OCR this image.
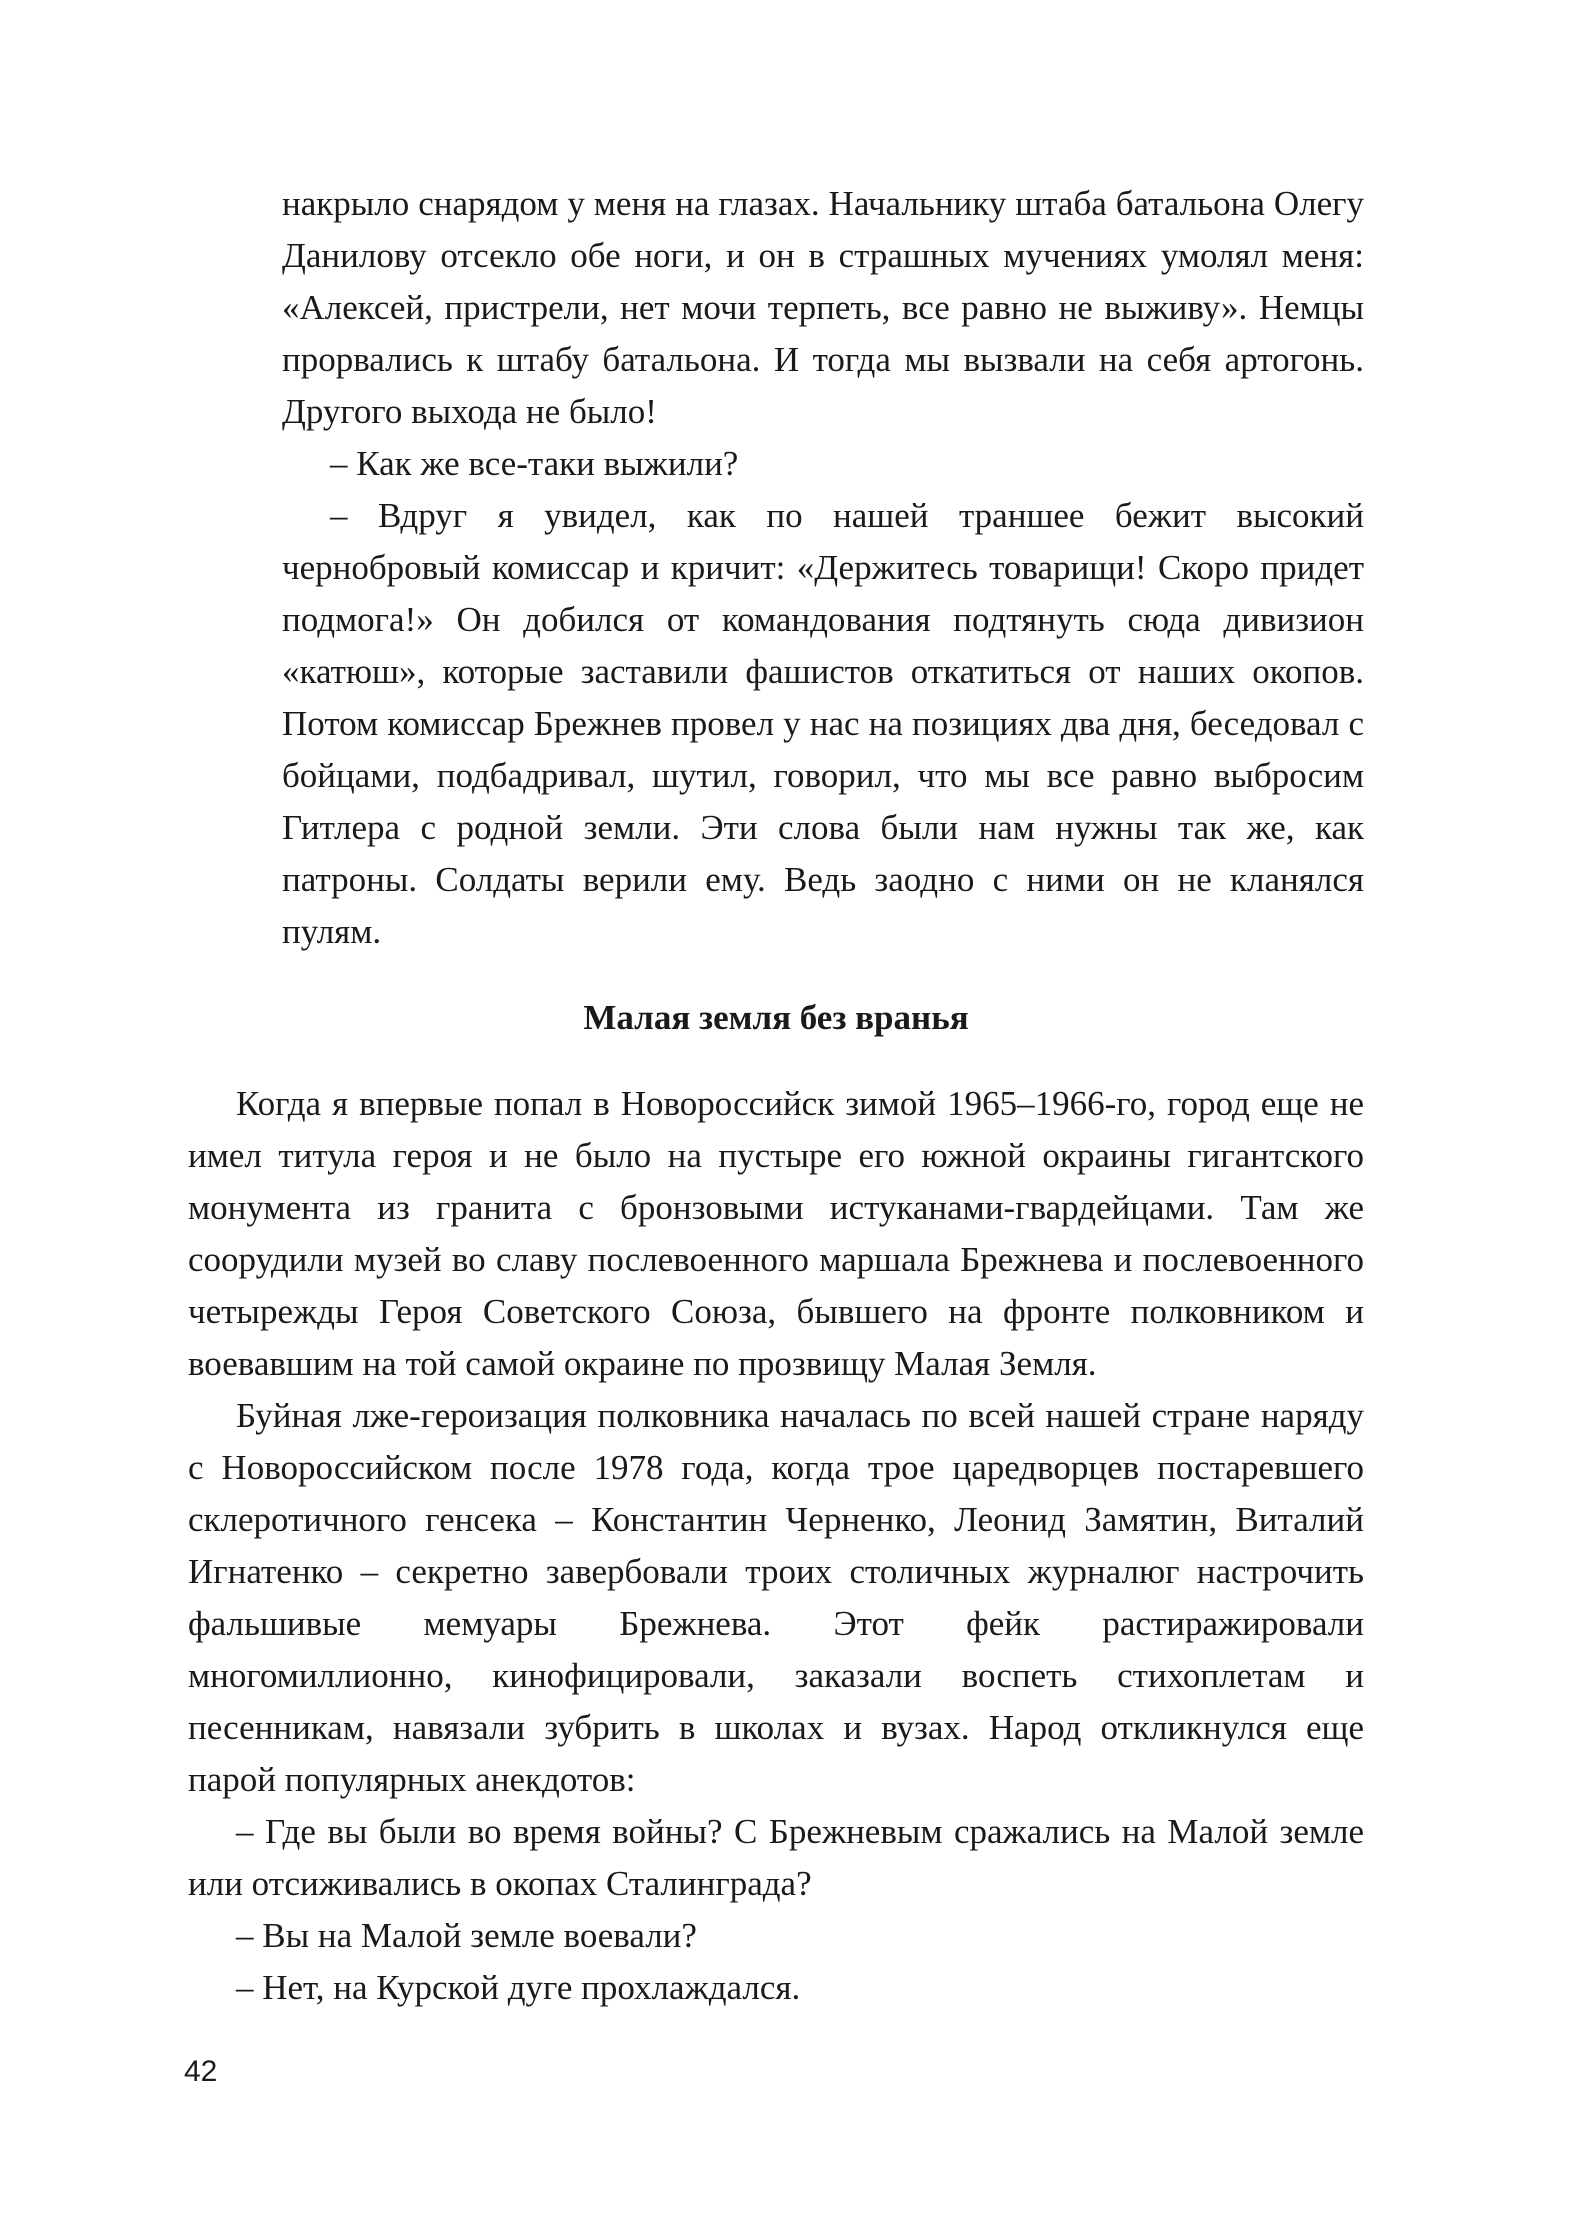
накрыло снарядом у меня на глазах. Начальнику штаба батальона Олегу Данилову отсекло обе ноги, и он в страшных мучениях умолял меня: «Алексей, пристрели, нет мочи терпеть, все равно не выживу». Немцы прорвались к штабу батальона. И тогда мы вызвали на себя артогонь. Другого выхода не было!

– Как же все-таки выжили?

– Вдруг я увидел, как по нашей траншее бежит высокий чернобровый комиссар и кричит: «Держитесь товарищи! Скоро придет подмога!» Он добился от командования подтянуть сюда дивизион «катюш», которые заставили фашистов откатиться от наших окопов. Потом комиссар Брежнев провел у нас на позициях два дня, беседовал с бойцами, подбадривал, шутил, говорил, что мы все равно выбросим Гитлера с родной земли. Эти слова были нам нужны так же, как патроны. Солдаты верили ему. Ведь заодно с ними он не кланялся пулям.

Малая земля без вранья

Когда я впервые попал в Новороссийск зимой 1965–1966-го, город еще не имел титула героя и не было на пустыре его южной окраины гигантского монумента из гранита с бронзовыми истуканами-гвардейцами. Там же соорудили музей во славу послевоенного маршала Брежнева и послевоенного четырежды Героя Советского Союза, бывшего на фронте полковником и воевавшим на той самой окраине по прозвищу Малая Земля.

Буйная лже-героизация полковника началась по всей нашей стране наряду с Новороссийском после 1978 года, когда трое царедворцев постаревшего склеротичного генсека – Константин Черненко, Леонид Замятин, Виталий Игнатенко – секретно завербовали троих столичных журналюг настрочить фальшивые мемуары Брежнева. Этот фейк растиражировали многомиллионно, кинофицировали, заказали воспеть стихоплетам и песенникам, навязали зубрить в школах и вузах. Народ откликнулся еще парой популярных анекдотов:

– Где вы были во время войны? С Брежневым сражались на Малой земле или отсиживались в окопах Сталинграда?

– Вы на Малой земле воевали?

– Нет, на Курской дуге прохлаждался.

42
